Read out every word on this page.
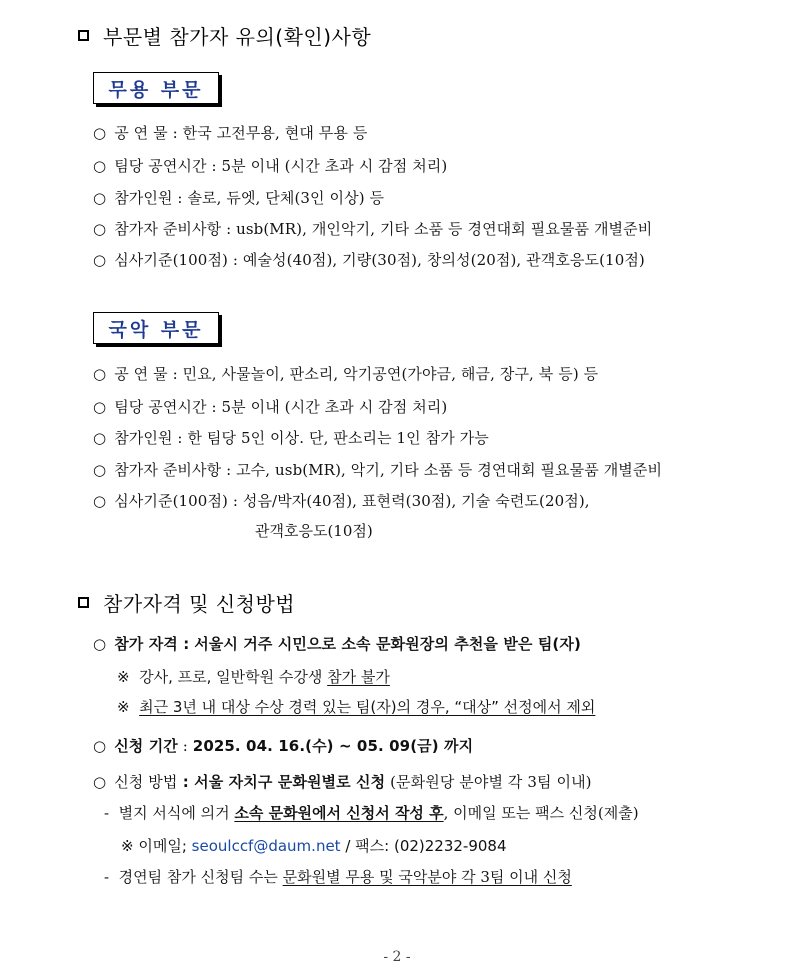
부문별 참가자 유의(확인)사항
무용 부문
○ 공 연 물 : 한국 고전무용, 현대 무용 등
○ 팀당 공연시간 : 5분 이내 (시간 초과 시 감점 처리)
○ 참가인원 : 솔로, 듀엣, 단체(3인 이상) 등
○ 참가자 준비사항 : usb(MR), 개인악기, 기타 소품 등 경연대회 필요물품 개별준비
○ 심사기준(100점) : 예술성(40점), 기량(30점), 창의성(20점), 관객호응도(10점)
국악 부문
○ 공 연 물 : 민요, 사물놀이, 판소리, 악기공연(가야금, 해금, 장구, 북 등) 등
○ 팀당 공연시간 : 5분 이내 (시간 초과 시 감점 처리)
○ 참가인원 : 한 팀당 5인 이상. 단, 판소리는 1인 참가 가능
○ 참가자 준비사항 : 고수, usb(MR), 악기, 기타 소품 등 경연대회 필요물품 개별준비
○ 심사기준(100점) : 성음/박자(40점), 표현력(30점), 기술 숙련도(20점),
관객호응도(10점)
참가자격 및 신청방법
○ 참가 자격 : 서울시 거주 시민으로 소속 문화원장의 추천을 받은 팀(자)
※ 강사, 프로, 일반학원 수강생 참가 불가
※ 최근 3년 내 대상 수상 경력 있는 팀(자)의 경우, “대상” 선정에서 제외
○ 신청 기간 : 2025. 04. 16.(수) ~ 05. 09(금) 까지
○ 신청 방법 : 서울 자치구 문화원별로 신청 (문화원당 분야별 각 3팀 이내)
- 별지 서식에 의거 소속 문화원에서 신청서 작성 후, 이메일 또는 팩스 신청(제출)
※ 이메일; seoulccf@daum.net / 팩스: (02)2232-9084
- 경연팀 참가 신청팀 수는 문화원별 무용 및 국악분야 각 3팀 이내 신청
- 2 -
